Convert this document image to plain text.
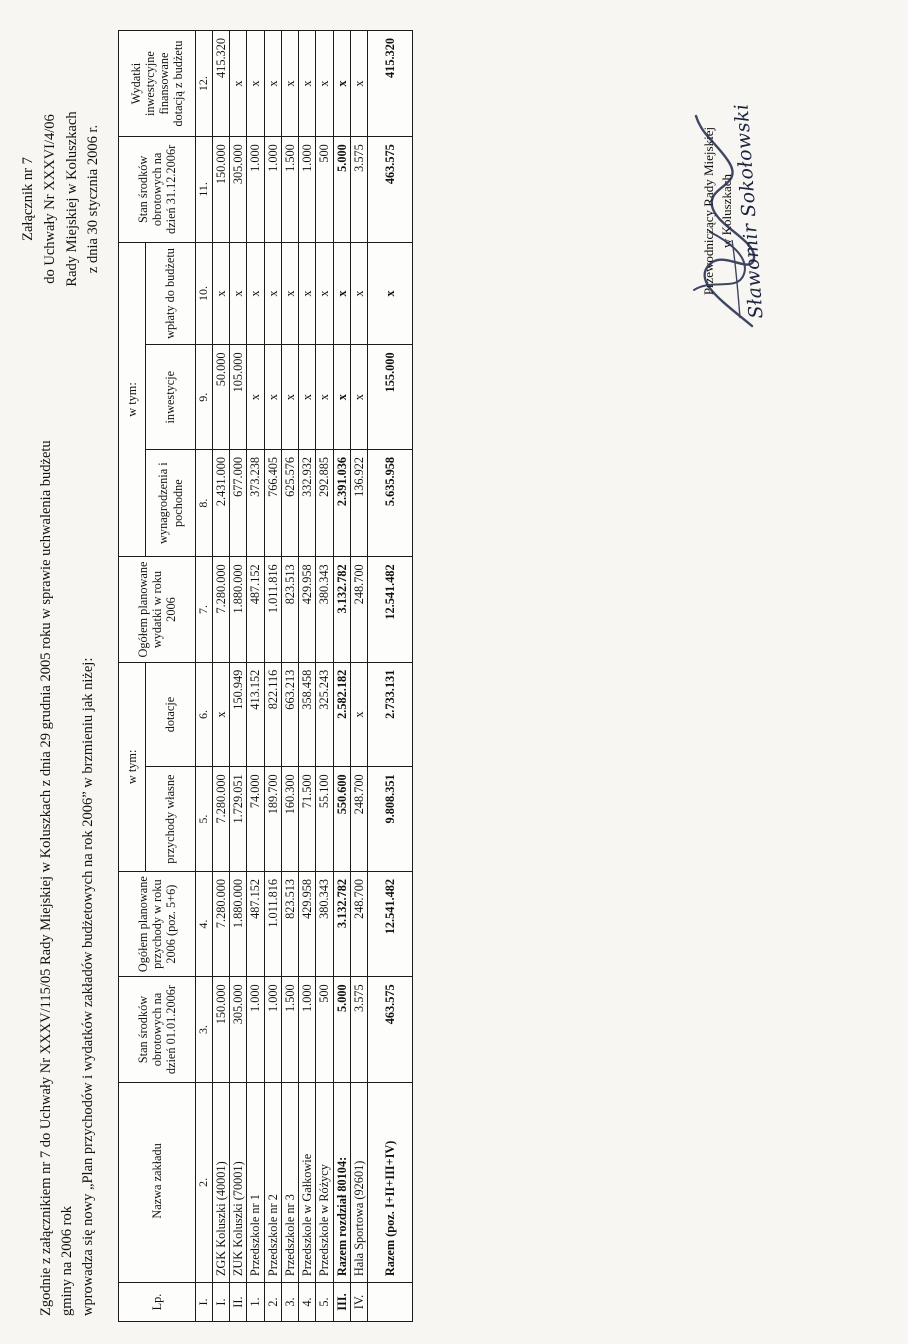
Załącznik nr 7 do Uchwały Nr XXXVI/4/06 Rady Miejskiej w Koluszkach z dnia 30 stycznia 2006 r.
Zgodnie z załącznikiem nr 7 do Uchwały Nr XXXV/115/05 Rady Miejskiej w Koluszkach z dnia 29 grudnia 2005 roku w sprawie uchwalenia budżetu gminy na 2006 rok wprowadza się nowy „Plan przychodów i wydatków zakładów budżetowych na rok 2006” w brzmieniu jak niżej:	Lp.	Nazwa zakładu	Stan środków obrotowych na dzień 01.01.2006r	Ogółem planowane przychody w roku 2006 (poz. 5+6)	w tym:		Ogółem planowane wydatki w roku 2006	w tym:			Stan środków obrotowych na dzień 31.12.2006r	Wydatki inwestycyjne finansowane dotacją z budżetu
				przychody własne	dotacje		wynagrodzenia i pochodne	inwestycje	wpłaty do budżetu		
I.	2.	3.	4.	5.	6.	7.	8.	9.	10.	11.	12.
I.	ZGK Koluszki (40001)	150.000	7.280.000	7.280.000	x	7.280.000	2.431.000	50.000	x	150.000	415.320
II.	ZUK Koluszki (70001)	305.000	1.880.000	1.729.051	150.949	1.880.000	677.000	105.000	x	305.000	x
1.	Przedszkole nr 1	1.000	487.152	74.000	413.152	487.152	373.238	x	x	1.000	x
2.	Przedszkole nr 2	1.000	1.011.816	189.700	822.116	1.011.816	766.405	x	x	1.000	x
3.	Przedszkole nr 3	1.500	823.513	160.300	663.213	823.513	625.576	x	x	1.500	x
4.	Przedszkole w Gałkowie	1.000	429.958	71.500	358.458	429.958	332.932	x	x	1.000	x
5.	Przedszkole w Różycy	500	380.343	55.100	325.243	380.343	292.885	x	x	500	x
III.	Razem rozdział 80104:	5.000	3.132.782	550.600	2.582.182	3.132.782	2.391.036	x	x	5.000	x
IV.	Hala Sportowa (92601)	3.575	248.700	248.700	x	248.700	136.922	x	x	3.575	x
	Razem (poz. I+II+III+IV)	463.575	12.541.482	9.808.351	2.733.131	12.541.482	5.635.958	155.000	x	463.575	415.320
Przewodniczący Rady Miejskiej w Koluszkach
Sławomir Sokołowski
